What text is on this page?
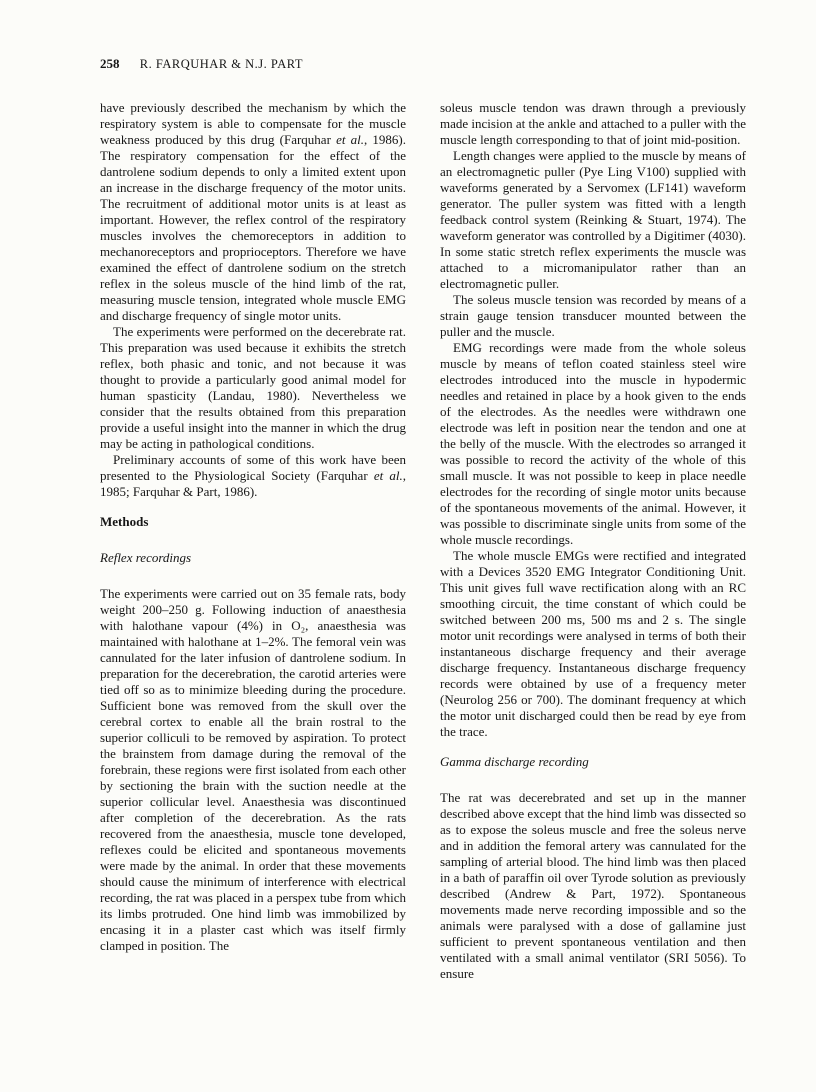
258 R. FARQUHAR & N.J. PART

have previously described the mechanism by which the respiratory system is able to compensate for the muscle weakness produced by this drug (Farquhar et al., 1986). The respiratory compensation for the effect of the dantrolene sodium depends to only a limited extent upon an increase in the discharge frequency of the motor units. The recruitment of additional motor units is at least as important. However, the reflex control of the respiratory muscles involves the chemoreceptors in addition to mechanoreceptors and proprioceptors. Therefore we have examined the effect of dantrolene sodium on the stretch reflex in the soleus muscle of the hind limb of the rat, measuring muscle tension, integrated whole muscle EMG and discharge frequency of single motor units.

The experiments were performed on the decerebrate rat. This preparation was used because it exhibits the stretch reflex, both phasic and tonic, and not because it was thought to provide a particularly good animal model for human spasticity (Landau, 1980). Nevertheless we consider that the results obtained from this preparation provide a useful insight into the manner in which the drug may be acting in pathological conditions.

Preliminary accounts of some of this work have been presented to the Physiological Society (Farquhar et al., 1985; Farquhar & Part, 1986).

Methods

Reflex recordings

The experiments were carried out on 35 female rats, body weight 200–250 g. Following induction of anaesthesia with halothane vapour (4%) in O₂, anaesthesia was maintained with halothane at 1–2%. The femoral vein was cannulated for the later infusion of dantrolene sodium. In preparation for the decerebration, the carotid arteries were tied off so as to minimize bleeding during the procedure. Sufficient bone was removed from the skull over the cerebral cortex to enable all the brain rostral to the superior colliculi to be removed by aspiration. To protect the brainstem from damage during the removal of the forebrain, these regions were first isolated from each other by sectioning the brain with the suction needle at the superior collicular level. Anaesthesia was discontinued after completion of the decerebration. As the rats recovered from the anaesthesia, muscle tone developed, reflexes could be elicited and spontaneous movements were made by the animal. In order that these movements should cause the minimum of interference with electrical recording, the rat was placed in a perspex tube from which its limbs protruded. One hind limb was immobilized by encasing it in a plaster cast which was itself firmly clamped in position. The

soleus muscle tendon was drawn through a previously made incision at the ankle and attached to a puller with the muscle length corresponding to that of joint mid-position.

Length changes were applied to the muscle by means of an electromagnetic puller (Pye Ling V100) supplied with waveforms generated by a Servomex (LF141) waveform generator. The puller system was fitted with a length feedback control system (Reinking & Stuart, 1974). The waveform generator was controlled by a Digitimer (4030). In some static stretch reflex experiments the muscle was attached to a micromanipulator rather than an electromagnetic puller.

The soleus muscle tension was recorded by means of a strain gauge tension transducer mounted between the puller and the muscle.

EMG recordings were made from the whole soleus muscle by means of teflon coated stainless steel wire electrodes introduced into the muscle in hypodermic needles and retained in place by a hook given to the ends of the electrodes. As the needles were withdrawn one electrode was left in position near the tendon and one at the belly of the muscle. With the electrodes so arranged it was possible to record the activity of the whole of this small muscle. It was not possible to keep in place needle electrodes for the recording of single motor units because of the spontaneous movements of the animal. However, it was possible to discriminate single units from some of the whole muscle recordings.

The whole muscle EMGs were rectified and integrated with a Devices 3520 EMG Integrator Conditioning Unit. This unit gives full wave rectification along with an RC smoothing circuit, the time constant of which could be switched between 200 ms, 500 ms and 2 s. The single motor unit recordings were analysed in terms of both their instantaneous discharge frequency and their average discharge frequency. Instantaneous discharge frequency records were obtained by use of a frequency meter (Neurolog 256 or 700). The dominant frequency at which the motor unit discharged could then be read by eye from the trace.

Gamma discharge recording

The rat was decerebrated and set up in the manner described above except that the hind limb was dissected so as to expose the soleus muscle and free the soleus nerve and in addition the femoral artery was cannulated for the sampling of arterial blood. The hind limb was then placed in a bath of paraffin oil over Tyrode solution as previously described (Andrew & Part, 1972). Spontaneous movements made nerve recording impossible and so the animals were paralysed with a dose of gallamine just sufficient to prevent spontaneous ventilation and then ventilated with a small animal ventilator (SRI 5056). To ensure
